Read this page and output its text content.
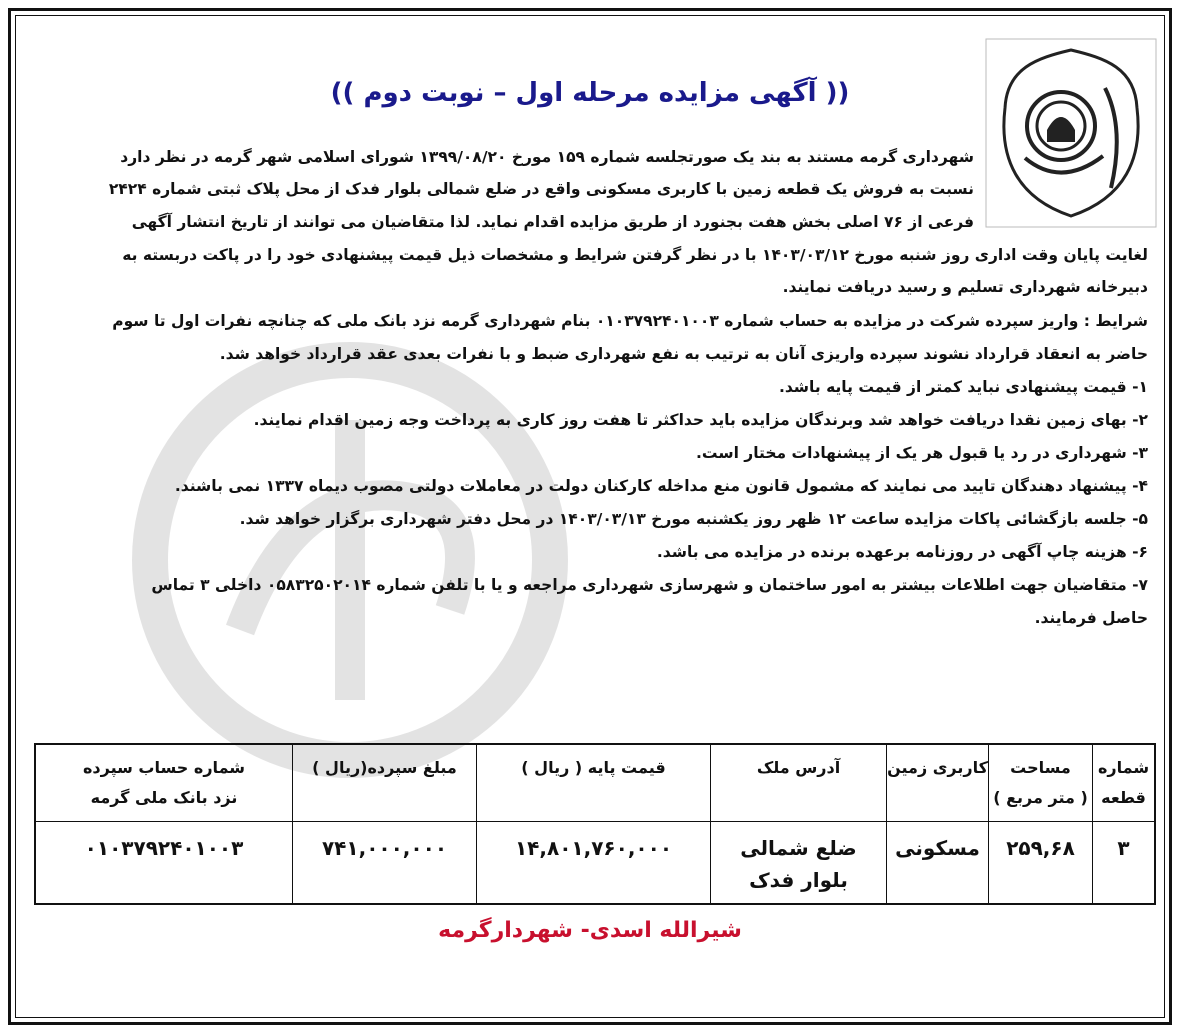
(( آگهی مزایده مرحله اول – نوبت دوم ))
شهرداری گرمه مستند به بند یک صورتجلسه شماره ۱۵۹ مورخ ۱۳۹۹/۰۸/۲۰ شورای اسلامی شهر گرمه در نظر دارد
نسبت به فروش یک قطعه زمین با کاربری مسکونی واقع در ضلع شمالی بلوار فدک از محل پلاک ثبتی شماره ۲۴۲۴
فرعی از ۷۶ اصلی بخش هفت بجنورد از طریق مزایده اقدام نماید. لذا متقاضیان می توانند از تاریخ انتشار آگهی
لغایت پایان وقت اداری روز شنبه مورخ ۱۴۰۳/۰۳/۱۲ با در نظر گرفتن شرایط و مشخصات ذیل قیمت پیشنهادی خود را در پاکت دربسته به
دبیرخانه شهرداری تسلیم و رسید دریافت نمایند.
شرایط : واریز سپرده شرکت در مزایده به حساب شماره ۰۱۰۳۷۹۲۴۰۱۰۰۳ بنام شهرداری گرمه نزد بانک ملی که چنانچه نفرات اول تا سوم
حاضر به انعقاد قرارداد نشوند سپرده واریزی آنان به ترتیب به نفع شهرداری ضبط و با نفرات بعدی عقد قرارداد خواهد شد.
۱- قیمت پیشنهادی نباید کمتر از قیمت پایه باشد.
۲- بهای زمین نقدا دریافت خواهد شد وبرندگان مزایده باید حداکثر تا هفت روز کاری به پرداخت وجه زمین اقدام نمایند.
۳- شهرداری در رد یا قبول هر یک از پیشنهادات مختار است.
۴- پیشنهاد دهندگان تایید می نمایند که مشمول قانون منع مداخله کارکنان دولت در معاملات دولتی مصوب دیماه ۱۳۳۷ نمی باشند.
۵- جلسه بازگشائی پاکات مزایده ساعت ۱۲ ظهر روز یکشنبه مورخ ۱۴۰۳/۰۳/۱۳ در محل دفتر شهرداری برگزار خواهد شد.
۶- هزینه چاپ آگهی در روزنامه برعهده برنده در مزایده می باشد.
۷- متقاضیان جهت اطلاعات بیشتر به امور ساختمان و شهرسازی شهرداری مراجعه و یا با تلفن شماره ۰۵۸۳۲۵۰۲۰۱۴ داخلی ۳ تماس
حاصل فرمایند.
شماره
قطعه
مساحت
( متر مربع )
کاربری زمین
آدرس ملک
قیمت پایه ( ریال )
مبلغ سپرده(ریال )
شماره حساب سپرده
نزد بانک ملی گرمه
۳
۲۵۹,۶۸
مسکونی
ضلع شمالی
بلوار فدک
۱۴,۸۰۱,۷۶۰,۰۰۰
۷۴۱,۰۰۰,۰۰۰
۰۱۰۳۷۹۲۴۰۱۰۰۳
شیرالله اسدی- شهردارگرمه
